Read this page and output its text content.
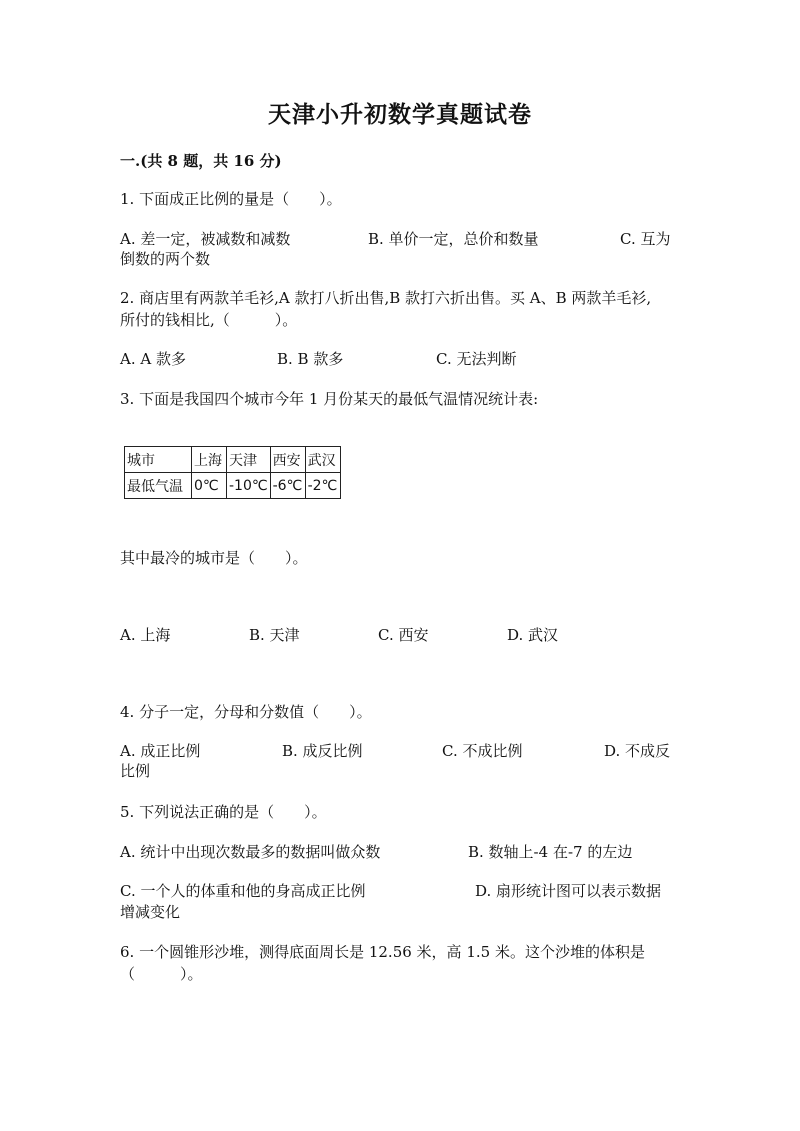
天津小升初数学真题试卷
一.(共 8 题，共 16 分)
1. 下面成正比例的量是（　　）。
A. 差一定，被减数和减数	B. 单价一定，总价和数量	C. 互为
倒数的两个数
2. 商店里有两款羊毛衫,A 款打八折出售,B 款打六折出售。买 A、B 两款羊毛衫,
所付的钱相比,（　　　）。
A. A 款多	B. B 款多	C. 无法判断
3. 下面是我国四个城市今年 1 月份某天的最低气温情况统计表:
城市	上海	天津	西安	武汉
最低气温	0℃	-10℃	-6℃	-2℃
其中最冷的城市是（　　）。
A. 上海	B. 天津	C. 西安	D. 武汉
4. 分子一定，分母和分数值（　　）。
A. 成正比例	B. 成反比例	C. 不成比例	D. 不成反
比例
5. 下列说法正确的是（　　）。
A. 统计中出现次数最多的数据叫做众数	B. 数轴上-4 在-7 的左边
C. 一个人的体重和他的身高成正比例	D. 扇形统计图可以表示数据
增减变化
6. 一个圆锥形沙堆，测得底面周长是 12.56 米，高 1.5 米。这个沙堆的体积是
（　　　）。
